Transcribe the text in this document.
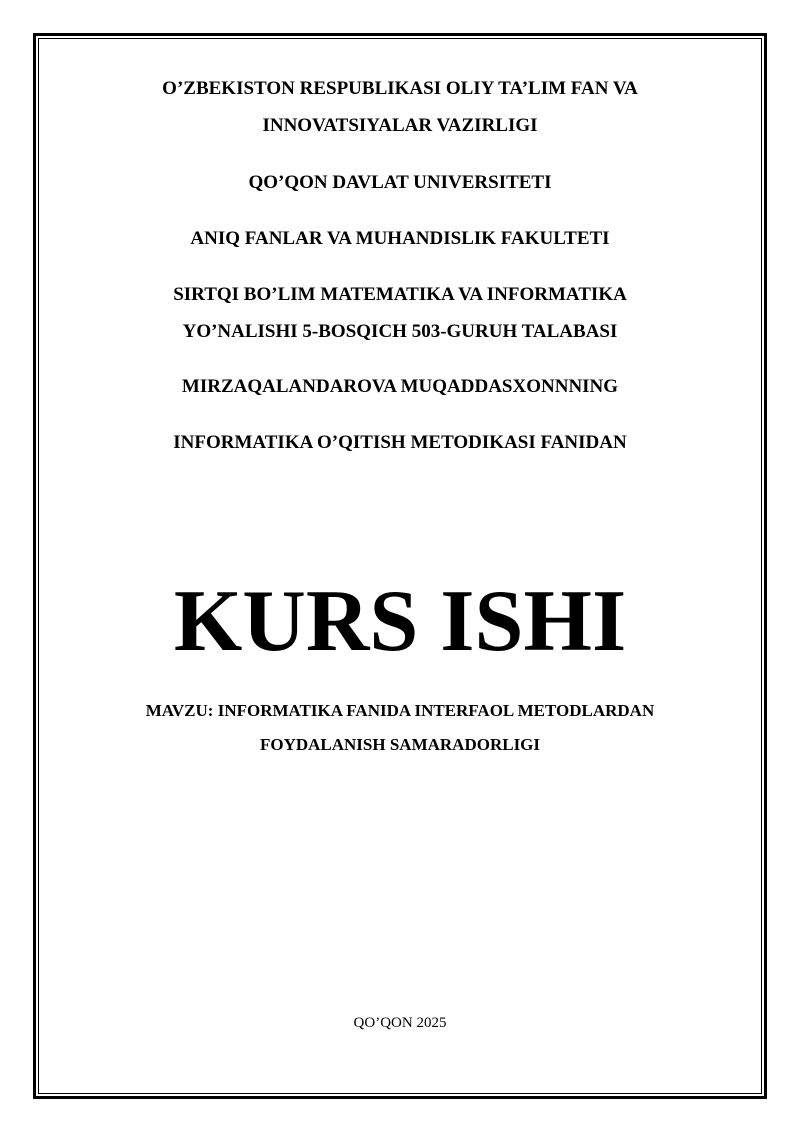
O’ZBEKISTON RESPUBLIKASI OLIY TA’LIM FAN VA
INNOVATSIYALAR VAZIRLIGI
QO’QON DAVLAT UNIVERSITETI
ANIQ FANLAR VA MUHANDISLIK FAKULTETI
SIRTQI BO’LIM MATEMATIKA VA INFORMATIKA
YO’NALISHI 5-BOSQICH 503-GURUH TALABASI
MIRZAQALANDAROVA MUQADDASXONNNING
INFORMATIKA O’QITISH METODIKASI FANIDAN
KURS ISHI
MAVZU: INFORMATIKA FANIDA INTERFAOL METODLARDAN
FOYDALANISH SAMARADORLIGI
QO’QON 2025
